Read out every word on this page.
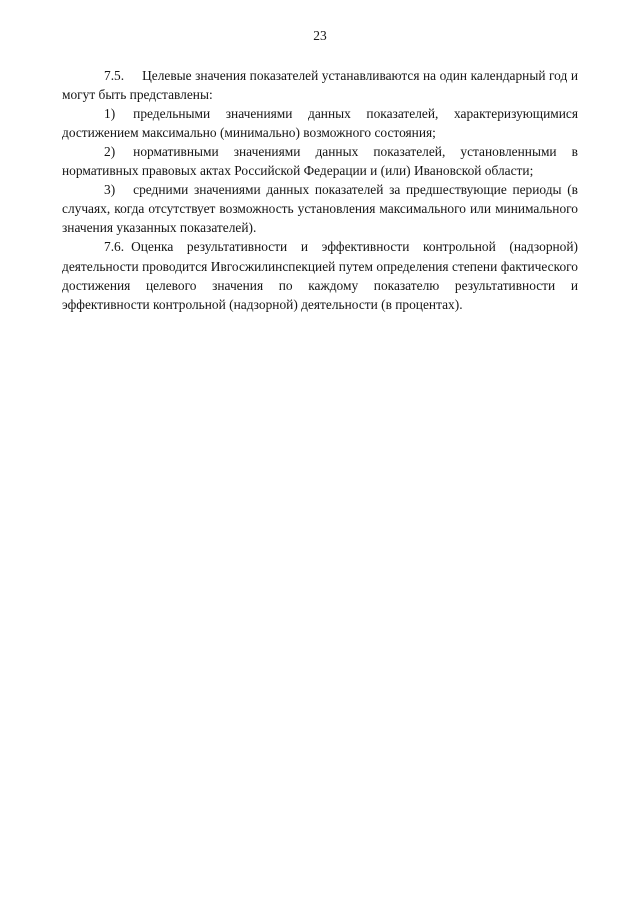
23

7.5. Целевые значения показателей устанавливаются на один календарный год и могут быть представлены:

1) предельными значениями данных показателей, характеризующимися достижением максимально (минимально) возможного состояния;

2) нормативными значениями данных показателей, установленными в нормативных правовых актах Российской Федерации и (или) Ивановской области;

3) средними значениями данных показателей за предшествующие периоды (в случаях, когда отсутствует возможность установления максимального или минимального значения указанных показателей).

7.6. Оценка результативности и эффективности контрольной (надзорной) деятельности проводится Ивгосжилинспекцией путем определения степени фактического достижения целевого значения по каждому показателю результативности и эффективности контрольной (надзорной) деятельности (в процентах).
